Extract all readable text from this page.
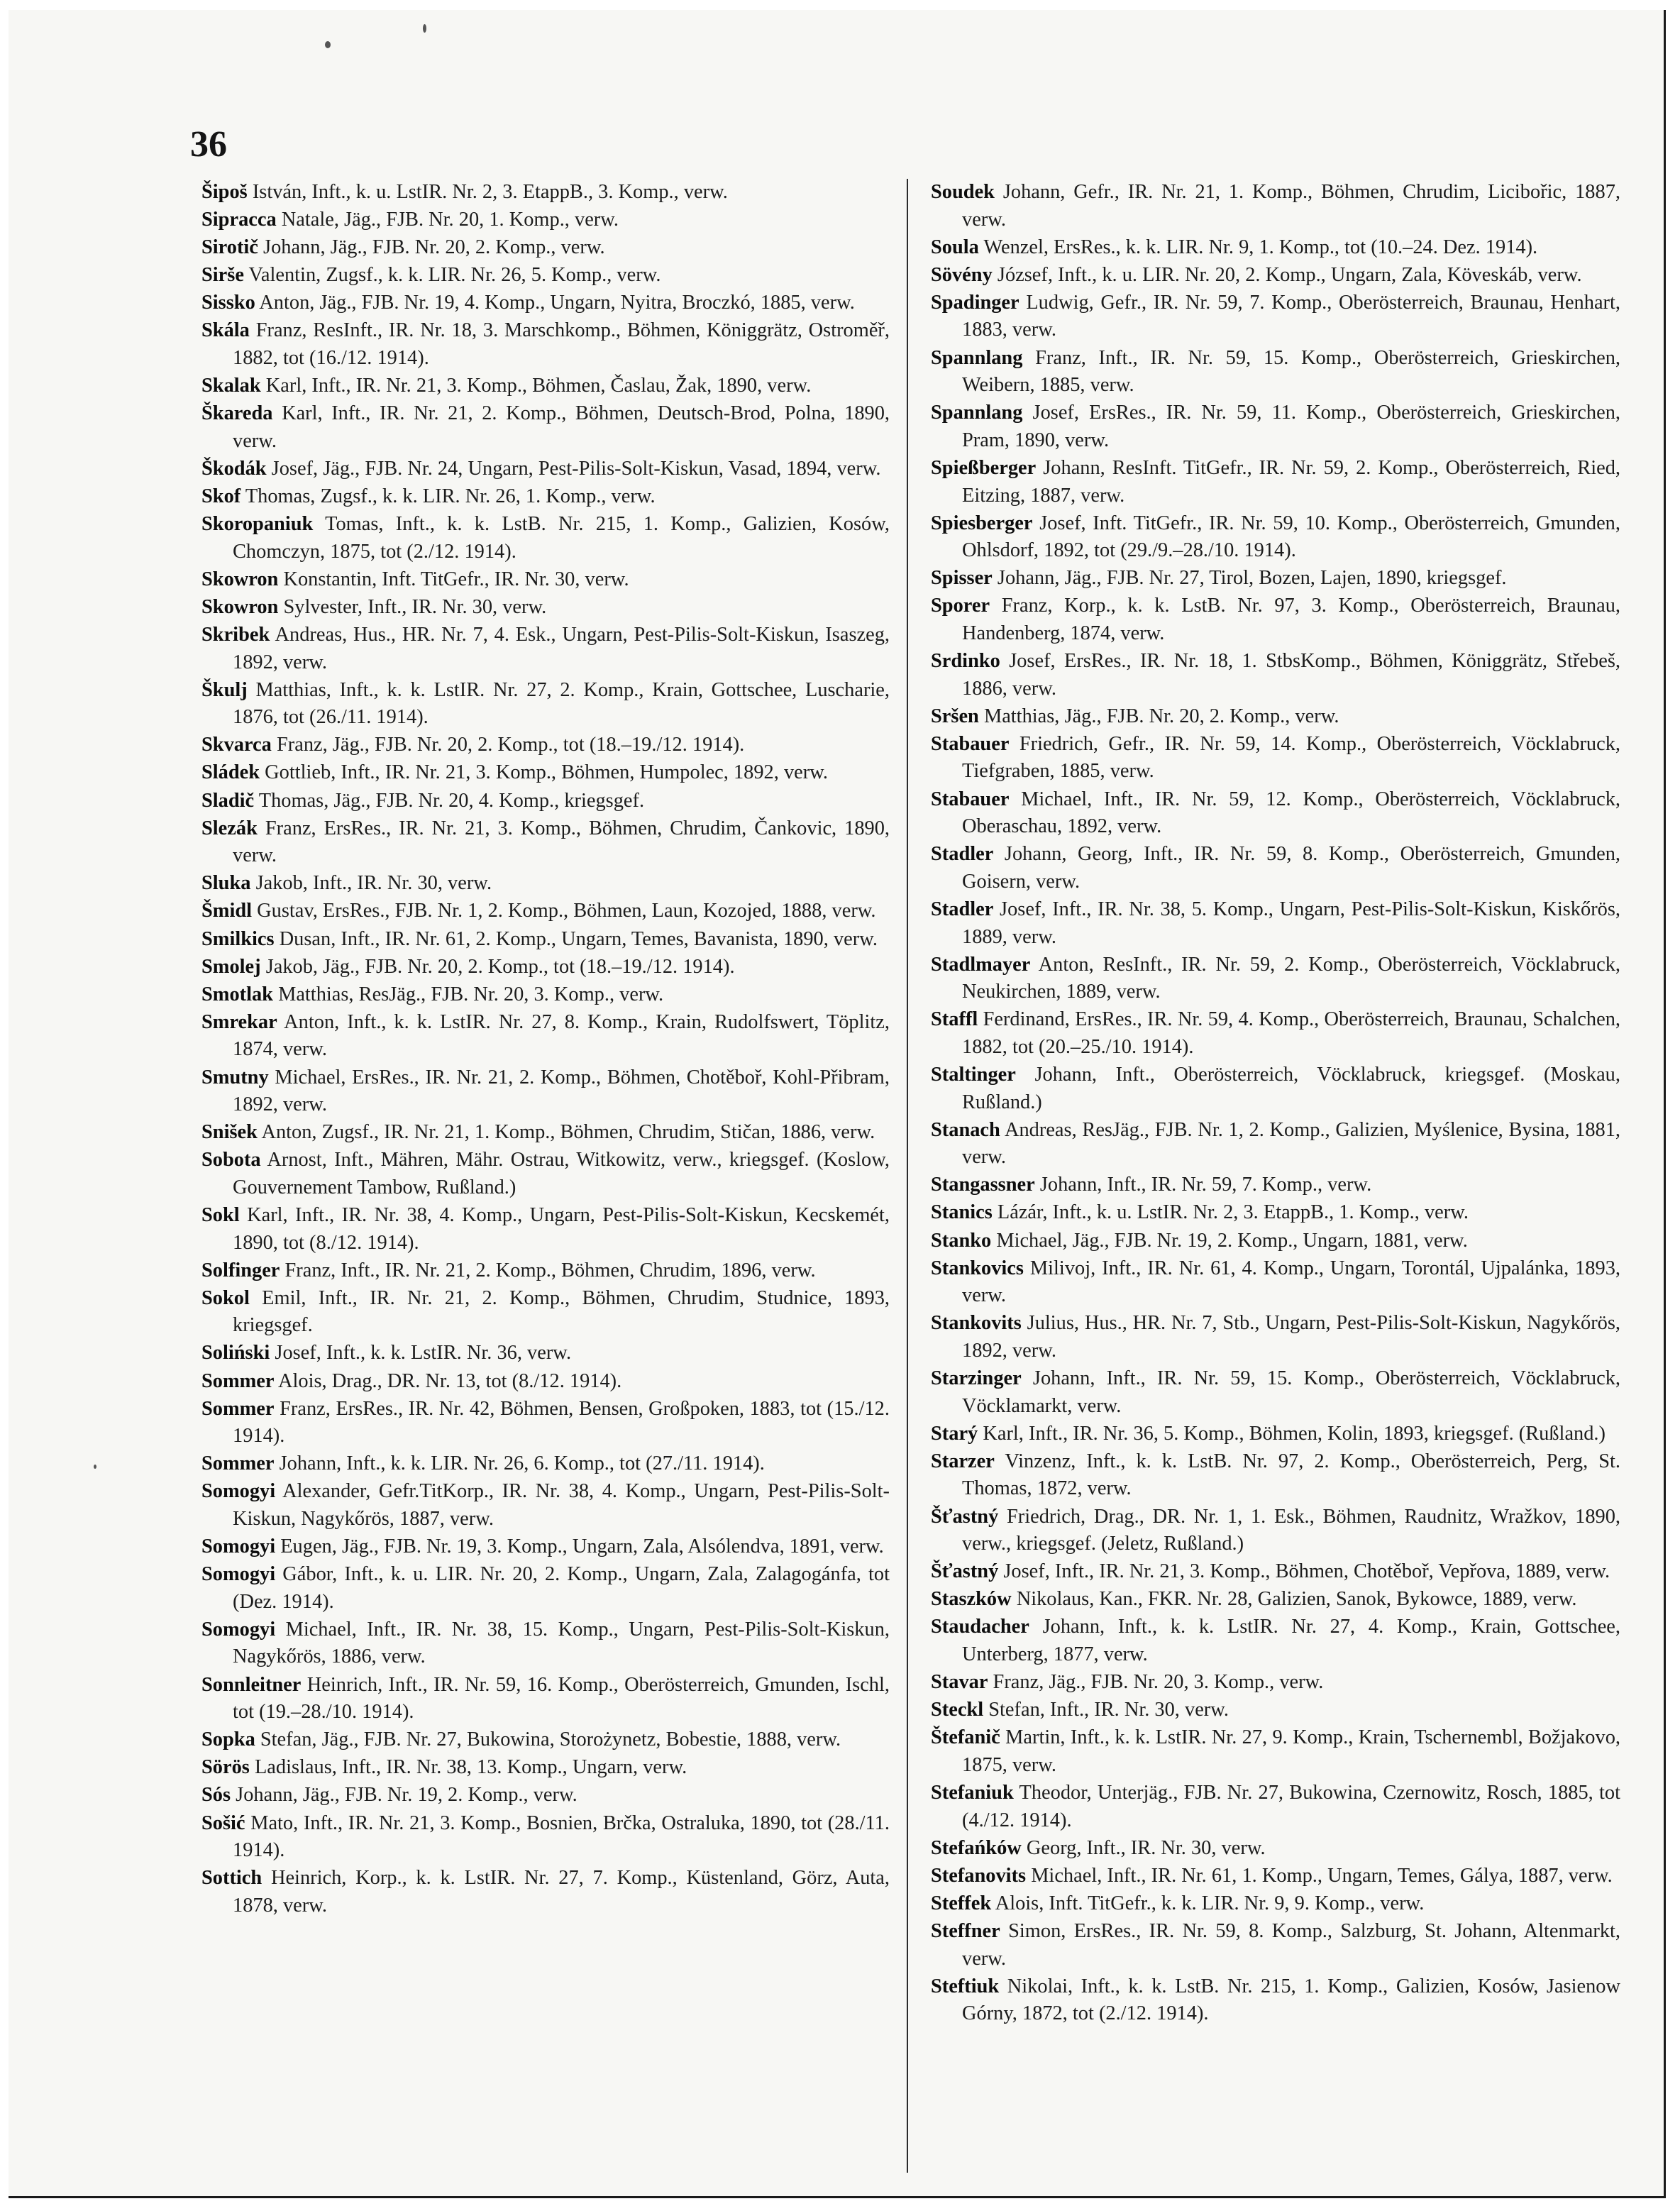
36

Šipoš István, Inft., k. u. LstIR. Nr. 2, 3. EtappB., 3. Komp., verw.

Sipracca Natale, Jäg., FJB. Nr. 20, 1. Komp., verw.

Sirotič Johann, Jäg., FJB. Nr. 20, 2. Komp., verw.

Sirše Valentin, Zugsf., k. k. LIR. Nr. 26, 5. Komp., verw.

Sissko Anton, Jäg., FJB. Nr. 19, 4. Komp., Ungarn, Nyitra, Broczkó, 1885, verw.

Skála Franz, ResInft., IR. Nr. 18, 3. Marschkomp., Böhmen, Königgrätz, Ostroměř, 1882, tot (16./12. 1914).

Skalak Karl, Inft., IR. Nr. 21, 3. Komp., Böhmen, Časlau, Žak, 1890, verw.

Škareda Karl, Inft., IR. Nr. 21, 2. Komp., Böhmen, Deutsch-Brod, Polna, 1890, verw.

Škodák Josef, Jäg., FJB. Nr. 24, Ungarn, Pest-Pilis-Solt-Kiskun, Vasad, 1894, verw.

Skof Thomas, Zugsf., k. k. LIR. Nr. 26, 1. Komp., verw.

Skoropaniuk Tomas, Inft., k. k. LstB. Nr. 215, 1. Komp., Galizien, Kosów, Chomczyn, 1875, tot (2./12. 1914).

Skowron Konstantin, Inft. TitGefr., IR. Nr. 30, verw.

Skowron Sylvester, Inft., IR. Nr. 30, verw.

Skribek Andreas, Hus., HR. Nr. 7, 4. Esk., Ungarn, Pest-Pilis-Solt-Kiskun, Isaszeg, 1892, verw.

Škulj Matthias, Inft., k. k. LstIR. Nr. 27, 2. Komp., Krain, Gottschee, Luscharie, 1876, tot (26./11. 1914).

Skvarca Franz, Jäg., FJB. Nr. 20, 2. Komp., tot (18.–19./12. 1914).

Sládek Gottlieb, Inft., IR. Nr. 21, 3. Komp., Böhmen, Humpolec, 1892, verw.

Sladič Thomas, Jäg., FJB. Nr. 20, 4. Komp., kriegsgef.

Slezák Franz, ErsRes., IR. Nr. 21, 3. Komp., Böhmen, Chrudim, Čankovic, 1890, verw.

Sluka Jakob, Inft., IR. Nr. 30, verw.

Šmidl Gustav, ErsRes., FJB. Nr. 1, 2. Komp., Böhmen, Laun, Kozojed, 1888, verw.

Smilkics Dusan, Inft., IR. Nr. 61, 2. Komp., Ungarn, Temes, Bavanista, 1890, verw.

Smolej Jakob, Jäg., FJB. Nr. 20, 2. Komp., tot (18.–19./12. 1914).

Smotlak Matthias, ResJäg., FJB. Nr. 20, 3. Komp., verw.

Smrekar Anton, Inft., k. k. LstIR. Nr. 27, 8. Komp., Krain, Rudolfswert, Töplitz, 1874, verw.

Smutny Michael, ErsRes., IR. Nr. 21, 2. Komp., Böhmen, Chotěboř, Kohl-Přibram, 1892, verw.

Snišek Anton, Zugsf., IR. Nr. 21, 1. Komp., Böhmen, Chrudim, Stičan, 1886, verw.

Sobota Arnost, Inft., Mähren, Mähr. Ostrau, Witkowitz, verw., kriegsgef. (Koslow, Gouvernement Tambow, Rußland.)

Sokl Karl, Inft., IR. Nr. 38, 4. Komp., Ungarn, Pest-Pilis-Solt-Kiskun, Kecskemét, 1890, tot (8./12. 1914).

Solfinger Franz, Inft., IR. Nr. 21, 2. Komp., Böhmen, Chrudim, 1896, verw.

Sokol Emil, Inft., IR. Nr. 21, 2. Komp., Böhmen, Chrudim, Studnice, 1893, kriegsgef.

Soliński Josef, Inft., k. k. LstIR. Nr. 36, verw.

Sommer Alois, Drag., DR. Nr. 13, tot (8./12. 1914).

Sommer Franz, ErsRes., IR. Nr. 42, Böhmen, Bensen, Großpoken, 1883, tot (15./12. 1914).

Sommer Johann, Inft., k. k. LIR. Nr. 26, 6. Komp., tot (27./11. 1914).

Somogyi Alexander, Gefr.TitKorp., IR. Nr. 38, 4. Komp., Ungarn, Pest-Pilis-Solt-Kiskun, Nagykőrös, 1887, verw.

Somogyi Eugen, Jäg., FJB. Nr. 19, 3. Komp., Ungarn, Zala, Alsólendva, 1891, verw.

Somogyi Gábor, Inft., k. u. LIR. Nr. 20, 2. Komp., Ungarn, Zala, Zalagogánfa, tot (Dez. 1914).

Somogyi Michael, Inft., IR. Nr. 38, 15. Komp., Ungarn, Pest-Pilis-Solt-Kiskun, Nagykőrös, 1886, verw.

Sonnleitner Heinrich, Inft., IR. Nr. 59, 16. Komp., Oberösterreich, Gmunden, Ischl, tot (19.–28./10. 1914).

Sopka Stefan, Jäg., FJB. Nr. 27, Bukowina, Storożynetz, Bobestie, 1888, verw.

Sörös Ladislaus, Inft., IR. Nr. 38, 13. Komp., Ungarn, verw.

Sós Johann, Jäg., FJB. Nr. 19, 2. Komp., verw.

Sošić Mato, Inft., IR. Nr. 21, 3. Komp., Bosnien, Brčka, Ostraluka, 1890, tot (28./11. 1914).

Sottich Heinrich, Korp., k. k. LstIR. Nr. 27, 7. Komp., Küstenland, Görz, Auta, 1878, verw.

Soudek Johann, Gefr., IR. Nr. 21, 1. Komp., Böhmen, Chrudim, Licibořic, 1887, verw.

Soula Wenzel, ErsRes., k. k. LIR. Nr. 9, 1. Komp., tot (10.–24. Dez. 1914).

Sövény József, Inft., k. u. LIR. Nr. 20, 2. Komp., Ungarn, Zala, Köveskáb, verw.

Spadinger Ludwig, Gefr., IR. Nr. 59, 7. Komp., Oberösterreich, Braunau, Henhart, 1883, verw.

Spannlang Franz, Inft., IR. Nr. 59, 15. Komp., Oberösterreich, Grieskirchen, Weibern, 1885, verw.

Spannlang Josef, ErsRes., IR. Nr. 59, 11. Komp., Oberösterreich, Grieskirchen, Pram, 1890, verw.

Spießberger Johann, ResInft. TitGefr., IR. Nr. 59, 2. Komp., Oberösterreich, Ried, Eitzing, 1887, verw.

Spiesberger Josef, Inft. TitGefr., IR. Nr. 59, 10. Komp., Oberösterreich, Gmunden, Ohlsdorf, 1892, tot (29./9.–28./10. 1914).

Spisser Johann, Jäg., FJB. Nr. 27, Tirol, Bozen, Lajen, 1890, kriegsgef.

Sporer Franz, Korp., k. k. LstB. Nr. 97, 3. Komp., Oberösterreich, Braunau, Handenberg, 1874, verw.

Srdinko Josef, ErsRes., IR. Nr. 18, 1. StbsKomp., Böhmen, Königgrätz, Střebeš, 1886, verw.

Sršen Matthias, Jäg., FJB. Nr. 20, 2. Komp., verw.

Stabauer Friedrich, Gefr., IR. Nr. 59, 14. Komp., Oberösterreich, Vöcklabruck, Tiefgraben, 1885, verw.

Stabauer Michael, Inft., IR. Nr. 59, 12. Komp., Oberösterreich, Vöcklabruck, Oberaschau, 1892, verw.

Stadler Johann, Georg, Inft., IR. Nr. 59, 8. Komp., Oberösterreich, Gmunden, Goisern, verw.

Stadler Josef, Inft., IR. Nr. 38, 5. Komp., Ungarn, Pest-Pilis-Solt-Kiskun, Kiskőrös, 1889, verw.

Stadlmayer Anton, ResInft., IR. Nr. 59, 2. Komp., Oberösterreich, Vöcklabruck, Neukirchen, 1889, verw.

Staffl Ferdinand, ErsRes., IR. Nr. 59, 4. Komp., Oberösterreich, Braunau, Schalchen, 1882, tot (20.–25./10. 1914).

Staltinger Johann, Inft., Oberösterreich, Vöcklabruck, kriegsgef. (Moskau, Rußland.)

Stanach Andreas, ResJäg., FJB. Nr. 1, 2. Komp., Galizien, Myślenice, Bysina, 1881, verw.

Stangassner Johann, Inft., IR. Nr. 59, 7. Komp., verw.

Stanics Lázár, Inft., k. u. LstIR. Nr. 2, 3. EtappB., 1. Komp., verw.

Stanko Michael, Jäg., FJB. Nr. 19, 2. Komp., Ungarn, 1881, verw.

Stankovics Milivoj, Inft., IR. Nr. 61, 4. Komp., Ungarn, Torontál, Ujpalánka, 1893, verw.

Stankovits Julius, Hus., HR. Nr. 7, Stb., Ungarn, Pest-Pilis-Solt-Kiskun, Nagykőrös, 1892, verw.

Starzinger Johann, Inft., IR. Nr. 59, 15. Komp., Oberösterreich, Vöcklabruck, Vöcklamarkt, verw.

Starý Karl, Inft., IR. Nr. 36, 5. Komp., Böhmen, Kolin, 1893, kriegsgef. (Rußland.)

Starzer Vinzenz, Inft., k. k. LstB. Nr. 97, 2. Komp., Oberösterreich, Perg, St. Thomas, 1872, verw.

Šťastný Friedrich, Drag., DR. Nr. 1, 1. Esk., Böhmen, Raudnitz, Wražkov, 1890, verw., kriegsgef. (Jeletz, Rußland.)

Šťastný Josef, Inft., IR. Nr. 21, 3. Komp., Böhmen, Chotěboř, Vepřova, 1889, verw.

Staszków Nikolaus, Kan., FKR. Nr. 28, Galizien, Sanok, Bykowce, 1889, verw.

Staudacher Johann, Inft., k. k. LstIR. Nr. 27, 4. Komp., Krain, Gottschee, Unterberg, 1877, verw.

Stavar Franz, Jäg., FJB. Nr. 20, 3. Komp., verw.

Steckl Stefan, Inft., IR. Nr. 30, verw.

Štefanič Martin, Inft., k. k. LstIR. Nr. 27, 9. Komp., Krain, Tschernembl, Božjakovo, 1875, verw.

Stefaniuk Theodor, Unterjäg., FJB. Nr. 27, Bukowina, Czernowitz, Rosch, 1885, tot (4./12. 1914).

Stefańków Georg, Inft., IR. Nr. 30, verw.

Stefanovits Michael, Inft., IR. Nr. 61, 1. Komp., Ungarn, Temes, Gálya, 1887, verw.

Steffek Alois, Inft. TitGefr., k. k. LIR. Nr. 9, 9. Komp., verw.

Steffner Simon, ErsRes., IR. Nr. 59, 8. Komp., Salzburg, St. Johann, Altenmarkt, verw.

Steftiuk Nikolai, Inft., k. k. LstB. Nr. 215, 1. Komp., Galizien, Kosów, Jasienow Górny, 1872, tot (2./12. 1914).
